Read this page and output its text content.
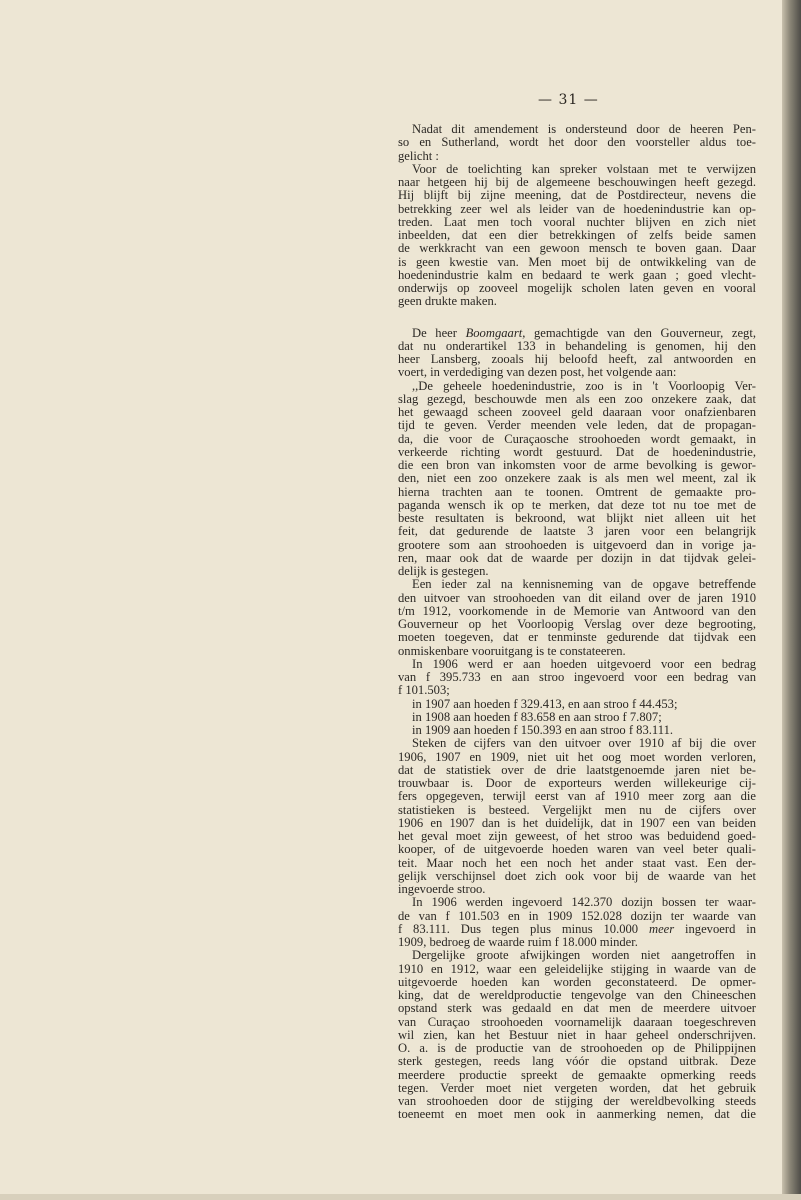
— 31 —
Nadat dit amendement is ondersteund door de heeren Pen-
so en Sutherland, wordt het door den voorsteller aldus toe-
gelicht :
Voor de toelichting kan spreker volstaan met te verwijzen
naar hetgeen hij bij de algemeene beschouwingen heeft gezegd.
Hij blijft bij zijne meening, dat de Postdirecteur, nevens die
betrekking zeer wel als leider van de hoedenindustrie kan op-
treden. Laat men toch vooral nuchter blijven en zich niet
inbeelden, dat een dier betrekkingen of zelfs beide samen
de werkkracht van een gewoon mensch te boven gaan. Daar
is geen kwestie van. Men moet bij de ontwikkeling van de
hoedenindustrie kalm en bedaard te werk gaan ; goed vlecht-
onderwijs op zooveel mogelijk scholen laten geven en vooral
geen drukte maken.
De heer Boomgaart, gemachtigde van den Gouverneur, zegt,
dat nu onderartikel 133 in behandeling is genomen, hij den
heer Lansberg, zooals hij beloofd heeft, zal antwoorden en
voert, in verdediging van dezen post, het volgende aan:
,,De geheele hoedenindustrie, zoo is in 't Voorloopig Ver-
slag gezegd, beschouwde men als een zoo onzekere zaak, dat
het gewaagd scheen zooveel geld daaraan voor onafzienbaren
tijd te geven. Verder meenden vele leden, dat de propagan-
da, die voor de Curaçaosche stroohoeden wordt gemaakt, in
verkeerde richting wordt gestuurd. Dat de hoedenindustrie,
die een bron van inkomsten voor de arme bevolking is gewor-
den, niet een zoo onzekere zaak is als men wel meent, zal ik
hierna trachten aan te toonen. Omtrent de gemaakte pro-
paganda wensch ik op te merken, dat deze tot nu toe met de
beste resultaten is bekroond, wat blijkt niet alleen uit het
feit, dat gedurende de laatste 3 jaren voor een belangrijk
grootere som aan stroohoeden is uitgevoerd dan in vorige ja-
ren, maar ook dat de waarde per dozijn in dat tijdvak gelei-
delijk is gestegen.
Een ieder zal na kennisneming van de opgave betreffende
den uitvoer van stroohoeden van dit eiland over de jaren 1910
t/m 1912, voorkomende in de Memorie van Antwoord van den
Gouverneur op het Voorloopig Verslag over deze begrooting,
moeten toegeven, dat er tenminste gedurende dat tijdvak een
onmiskenbare vooruitgang is te constateeren.
In 1906 werd er aan hoeden uitgevoerd voor een bedrag
van f 395.733 en aan stroo ingevoerd voor een bedrag van
f 101.503;
in 1907 aan hoeden f 329.413, en aan stroo f 44.453;
in 1908 aan hoeden f 83.658 en aan stroo f 7.807;
in 1909 aan hoeden f 150.393 en aan stroo f 83.111.
Steken de cijfers van den uitvoer over 1910 af bij die over
1906, 1907 en 1909, niet uit het oog moet worden verloren,
dat de statistiek over de drie laatstgenoemde jaren niet be-
trouwbaar is. Door de exporteurs werden willekeurige cij-
fers opgegeven, terwijl eerst van af 1910 meer zorg aan die
statistieken is besteed. Vergelijkt men nu de cijfers over
1906 en 1907 dan is het duidelijk, dat in 1907 een van beiden
het geval moet zijn geweest, of het stroo was beduidend goed-
kooper, of de uitgevoerde hoeden waren van veel beter quali-
teit. Maar noch het een noch het ander staat vast. Een der-
gelijk verschijnsel doet zich ook voor bij de waarde van het
ingevoerde stroo.
In 1906 werden ingevoerd 142.370 dozijn bossen ter waar-
de van f 101.503 en in 1909 152.028 dozijn ter waarde van
f 83.111. Dus tegen plus minus 10.000 meer ingevoerd in
1909, bedroeg de waarde ruim f 18.000 minder.
Dergelijke groote afwijkingen worden niet aangetroffen in
1910 en 1912, waar een geleidelijke stijging in waarde van de
uitgevoerde hoeden kan worden geconstateerd. De opmer-
king, dat de wereldproductie tengevolge van den Chineeschen
opstand sterk was gedaald en dat men de meerdere uitvoer
van Curaçao stroohoeden voornamelijk daaraan toegeschreven
wil zien, kan het Bestuur niet in haar geheel onderschrijven.
O. a. is de productie van de stroohoeden op de Philippijnen
sterk gestegen, reeds lang vóór die opstand uitbrak. Deze
meerdere productie spreekt de gemaakte opmerking reeds
tegen. Verder moet niet vergeten worden, dat het gebruik
van stroohoeden door de stijging der wereldbevolking steeds
toeneemt en moet men ook in aanmerking nemen, dat die
